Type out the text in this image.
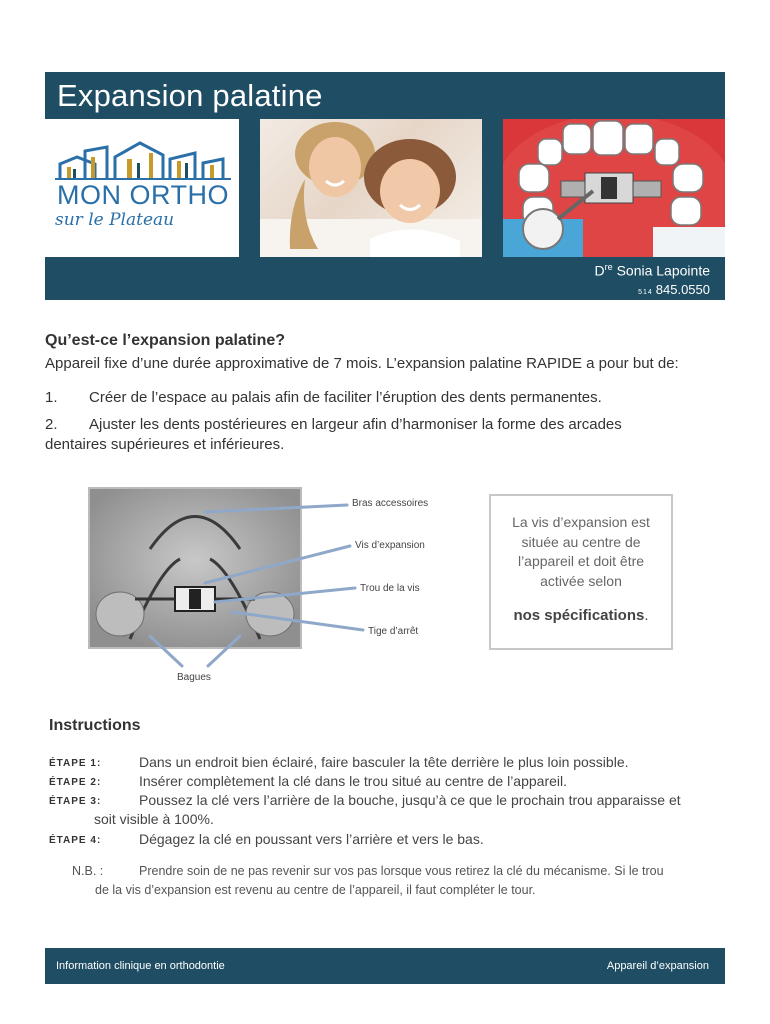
Expansion palatine
MON ORTHO
sur le Plateau
Dre Sonia Lapointe
514 845.0550
Qu’est-ce l’expansion palatine?
Appareil fixe d’une durée approximative de 7 mois. L’expansion palatine RAPIDE a pour but de:
1. Créer de l’espace au palais afin de faciliter l’éruption des dents permanentes.
2. Ajuster les dents postérieures en largeur afin d’harmoniser la forme des arcades
dentaires supérieures et inférieures.
Bras accessoires
Vis d’expansion
Trou de la vis
Tige d’arrêt
Bagues
La vis d’expansion est située au centre de l’appareil et doit être activée selon
nos spécifications.
Instructions
ÉTAPE 1:	Dans un endroit bien éclairé, faire basculer la tête derrière le plus loin possible.
ÉTAPE 2:	Insérer complètement la clé dans le trou situé au centre de l’appareil.
ÉTAPE 3:	Poussez la clé vers l’arrière de la bouche, jusqu’à ce que le prochain trou apparaisse et
soit visible à 100%.
ÉTAPE 4:	Dégagez la clé en poussant vers l’arrière et vers le bas.
N.B. :	Prendre soin de ne pas revenir sur vos pas lorsque vous retirez la clé du mécanisme. Si le trou
de la vis d’expansion est revenu au centre de l’appareil, il faut compléter le tour.
Information clinique en orthodontie	Appareil d’expansion
